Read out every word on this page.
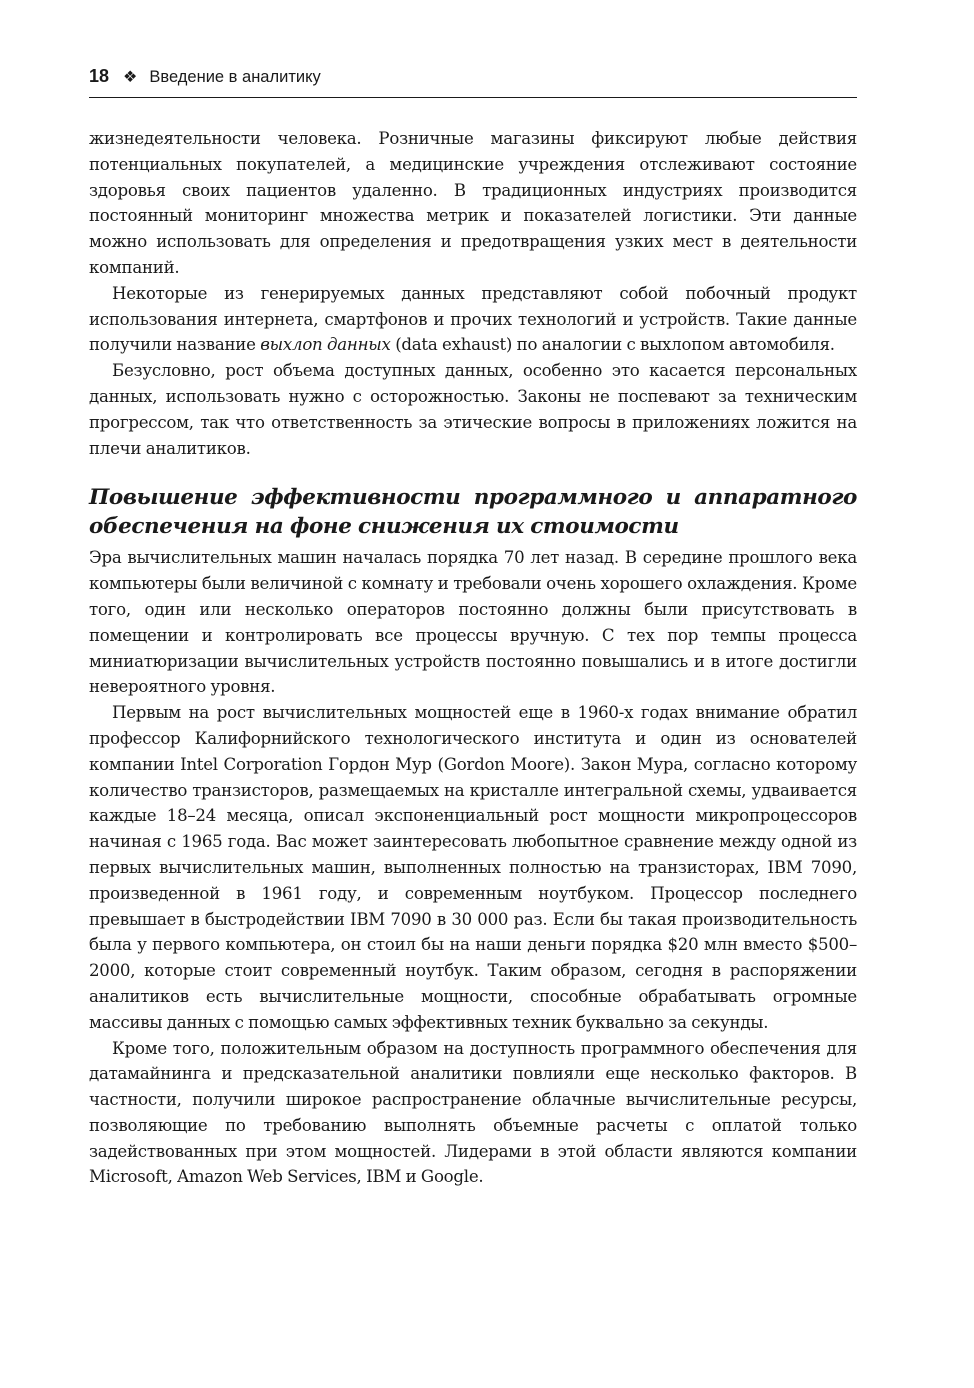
18 ❖ Введение в аналитику

жизнедеятельности человека. Розничные магазины фиксируют любые действия потенциальных покупателей, а медицинские учреждения отслеживают состояние здоровья своих пациентов удаленно. В традиционных индустриях производится постоянный мониторинг множества метрик и показателей логистики. Эти данные можно использовать для определения и предотвращения узких мест в деятельности компаний.

Некоторые из генерируемых данных представляют собой побочный продукт использования интернета, смартфонов и прочих технологий и устройств. Такие данные получили название выхлоп данных (data exhaust) по аналогии с выхлопом автомобиля.

Безусловно, рост объема доступных данных, особенно это касается персональных данных, использовать нужно с осторожностью. Законы не поспевают за техническим прогрессом, так что ответственность за этические вопросы в приложениях ложится на плечи аналитиков.

Повышение эффективности программного и аппаратного обеспечения на фоне снижения их стоимости

Эра вычислительных машин началась порядка 70 лет назад. В середине прошлого века компьютеры были величиной с комнату и требовали очень хорошего охлаждения. Кроме того, один или несколько операторов постоянно должны были присутствовать в помещении и контролировать все процессы вручную. С тех пор темпы процесса миниатюризации вычислительных устройств постоянно повышались и в итоге достигли невероятного уровня.

Первым на рост вычислительных мощностей еще в 1960-х годах внимание обратил профессор Калифорнийского технологического института и один из основателей компании Intel Corporation Гордон Мур (Gordon Moore). Закон Мура, согласно которому количество транзисторов, размещаемых на кристалле интегральной схемы, удваивается каждые 18–24 месяца, описал экспоненциальный рост мощности микропроцессоров начиная с 1965 года. Вас может заинтересовать любопытное сравнение между одной из первых вычислительных машин, выполненных полностью на транзисторах, IBM 7090, произведенной в 1961 году, и современным ноутбуком. Процессор последнего превышает в быстродействии IBM 7090 в 30 000 раз. Если бы такая производительность была у первого компьютера, он стоил бы на наши деньги порядка $20 млн вместо $500–2000, которые стоит современный ноутбук. Таким образом, сегодня в распоряжении аналитиков есть вычислительные мощности, способные обрабатывать огромные массивы данных с помощью самых эффективных техник буквально за секунды.

Кроме того, положительным образом на доступность программного обеспечения для датамайнинга и предсказательной аналитики повлияли еще несколько факторов. В частности, получили широкое распространение облачные вычислительные ресурсы, позволяющие по требованию выполнять объемные расчеты с оплатой только задействованных при этом мощностей. Лидерами в этой области являются компании Microsoft, Amazon Web Services, IBM и Google.
